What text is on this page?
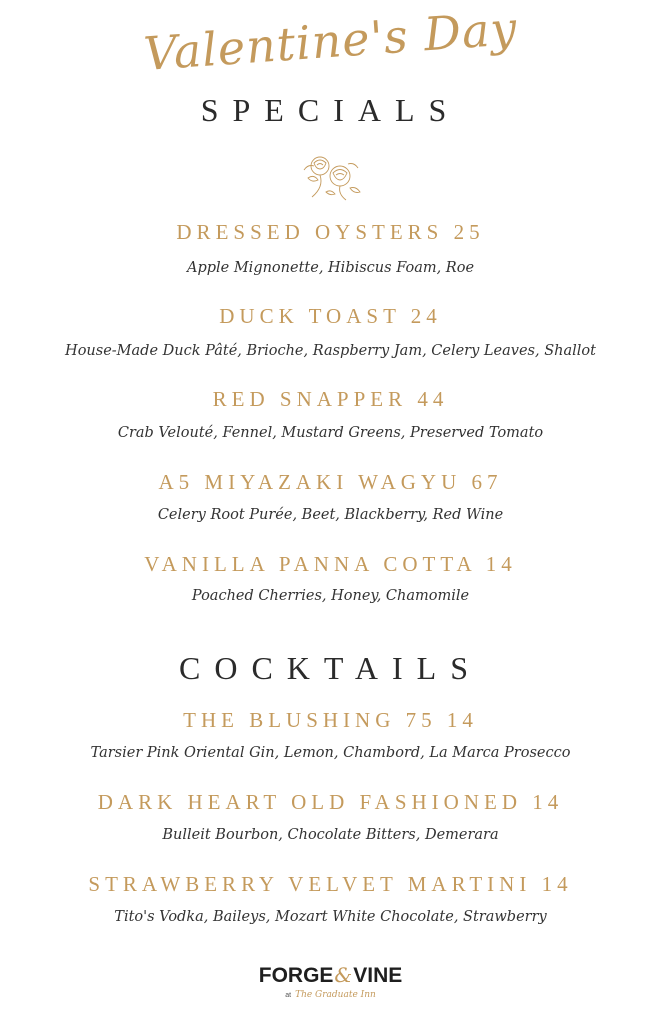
Valentine's Day
SPECIALS
DRESSED OYSTERS 25
Apple Mignonette, Hibiscus Foam, Roe
DUCK TOAST 24
House-Made Duck Pâté, Brioche, Raspberry Jam, Celery Leaves, Shallot
RED SNAPPER 44
Crab Velouté, Fennel, Mustard Greens, Preserved Tomato
A5 MIYAZAKI WAGYU 67
Celery Root Purée, Beet, Blackberry, Red Wine
VANILLA PANNA COTTA 14
Poached Cherries, Honey, Chamomile
COCKTAILS
THE BLUSHING 75 14
Tarsier Pink Oriental Gin, Lemon, Chambord, La Marca Prosecco
DARK HEART OLD FASHIONED 14
Bulleit Bourbon, Chocolate Bitters, Demerara
STRAWBERRY VELVET MARTINI 14
Tito's Vodka, Baileys, Mozart White Chocolate, Strawberry
FORGE&VINE
at The Graduate Inn
